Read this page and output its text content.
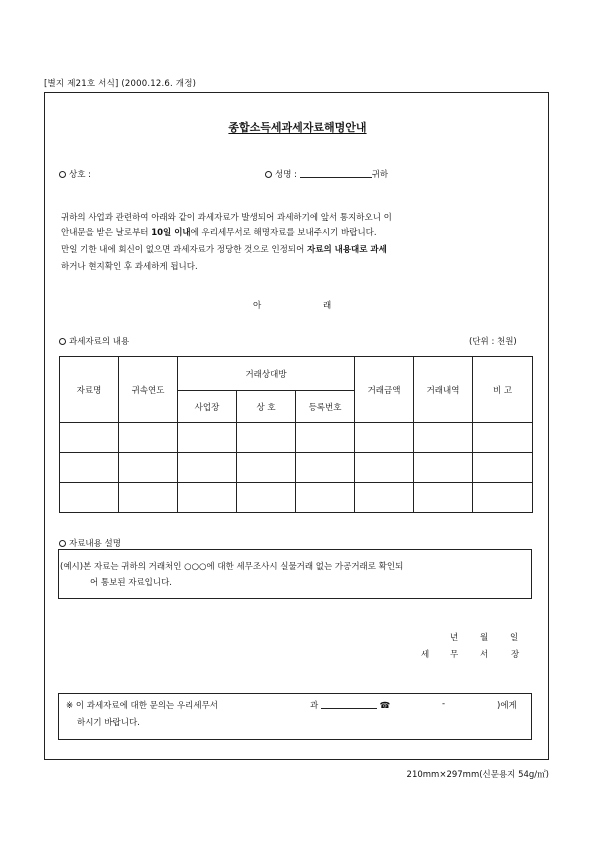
[별지 제21호 서식] (2000.12.6. 개정)
종합소득세과세자료해명안내
상호 :	성명 :	귀하
귀하의 사업과 관련하여 아래와 같이 과세자료가 발생되어 과세하기에 앞서 통지하오니 이
안내문을 받은 날로부터 10일 이내에 우리세무서로 해명자료를 보내주시기 바랍니다.
만일 기한 내에 회신이 없으면 과세자료가 정당한 것으로 인정되어 자료의 내용대로 과세
하거나 현지확인 후 과세하게 됩니다.
아	래
과세자료의 내용	(단위 : 천원)
자료명	귀속연도	거래상대방			거래금액	거래내역	비 고
		사업장	상 호	등록번호			

자료내용 설명
(예시)본 자료는 귀하의 거래처인 ○○○에 대한 세무조사시 실물거래 없는 가공거래로 확인되
어 통보된 자료입니다.
년	월	일
세 무	서	장
※ 이 과세자료에 대한 문의는 우리세무서	과	☎	-	)에게
하시기 바랍니다.
210mm×297mm(신문용지 54g/㎡)
